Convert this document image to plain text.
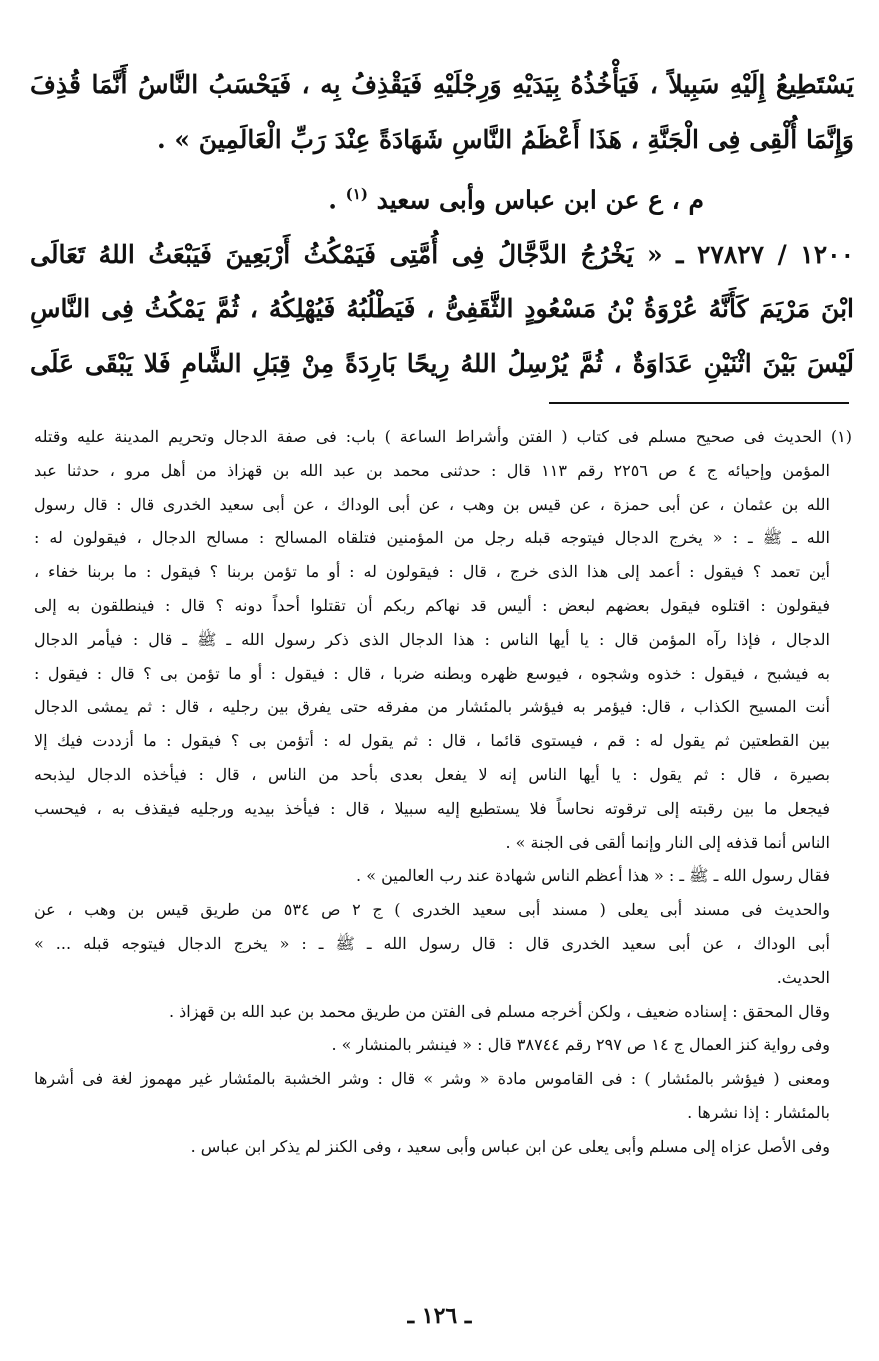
يَسْتَطِيعُ إِلَيْهِ سَبِيلاً ، فَيَأْخُذُهُ بِيَدَيْهِ وَرِجْلَيْهِ فَيَقْذِفُ بِه ، فَيَحْسَبُ النَّاسُ أَنَّمَا قُذِفَ
وَإِنَّمَا أُلْقِى فِى الْجَنَّةِ ، هَذَا أَعْظَمُ النَّاسِ شَهَادَةً عِنْدَ رَبِّ الْعَالَمِينَ » .
م ، ع عن ابن عباس وأبى سعيد $^{(١)}$ .
١٢٠٠ / ٢٧٨٢٧ ـ « يَخْرُجُ الدَّجَّالُ فِى أُمَّتِى فَيَمْكُثُ أَرْبَعِينَ فَيَبْعَثُ اللهُ تَعَالَى
ابْنَ مَرْيَمَ كَأَنَّهُ عُرْوَةُ بْنُ مَسْعُودٍ الثَّقَفِىُّ ، فَيَطْلُبُهُ فَيُهْلِكُهُ ، ثُمَّ يَمْكُثُ فِى النَّاسِ
لَيْسَ بَيْنَ اثْنَيْنِ عَدَاوَةٌ ، ثُمَّ يُرْسِلُ اللهُ رِيحًا بَارِدَةً مِنْ قِبَلِ الشَّامِ فَلا يَبْقَى عَلَى
(١) الحديث فى صحيح مسلم فى كتاب ( الفتن وأشراط الساعة ) باب: فى صفة الدجال وتحريم المدينة عليه وقتله
المؤمن وإحيائه ج ٤ ص ٢٢٥٦ رقم ١١٣ قال : حدثنى محمد بن عبد الله بن قهزاذ من أهل مرو ، حدثنا عبد
الله بن عثمان ، عن أبى حمزة ، عن قيس بن وهب ، عن أبى الوداك ، عن أبى سعيد الخدرى قال : قال رسول
الله ـ ﷺ ـ : « يخرج الدجال فيتوجه قبله رجل من المؤمنين فتلقاه المسالح : مسالح الدجال ، فيقولون له :
أين تعمد ؟ فيقول : أعمد إلى هذا الذى خرج ، قال : فيقولون له : أو ما تؤمن بربنا ؟ فيقول : ما بربنا خفاء ،
فيقولون : اقتلوه فيقول بعضهم لبعض : أليس قد نهاكم ربكم أن تقتلوا أحداً دونه ؟ قال : فينطلقون به إلى
الدجال ، فإذا رآه المؤمن قال : يا أيها الناس : هذا الدجال الذى ذكر رسول الله ـ ﷺ ـ قال : فيأمر الدجال
به فيشبح ، فيقول : خذوه وشجوه ، فيوسع ظهره وبطنه ضربا ، قال : فيقول : أو ما تؤمن بى ؟ قال : فيقول :
أنت المسيح الكذاب ، قال: فيؤمر به فيؤشر بالمئشار من مفرقه حتى يفرق بين رجليه ، قال : ثم يمشى الدجال
بين القطعتين ثم يقول له : قم ، فيستوى قائما ، قال : ثم يقول له : أتؤمن بى ؟ فيقول : ما أزددت فيك إلا
بصيرة ، قال : ثم يقول : يا أيها الناس إنه لا يفعل بعدى بأحد من الناس ، قال : فيأخذه الدجال ليذبحه
فيجعل ما بين رقبته إلى ترقوته نحاساً فلا يستطيع إليه سبيلا ، قال : فيأخذ بيديه ورجليه فيقذف به ، فيحسب
الناس أنما قذفه إلى النار وإنما ألقى فى الجنة » .
فقال رسول الله ـ ﷺ ـ : « هذا أعظم الناس شهادة عند رب العالمين » .
والحديث فى مسند أبى يعلى ( مسند أبى سعيد الخدرى ) ج ٢ ص ٥٣٤ من طريق قيس بن وهب ، عن
أبى الوداك ، عن أبى سعيد الخدرى قال : قال رسول الله ـ ﷺ ـ : « يخرج الدجال فيتوجه قبله ... »
الحديث.
وقال المحقق : إسناده ضعيف ، ولكن أخرجه مسلم فى الفتن من طريق محمد بن عبد الله بن قهزاذ .
وفى رواية كنز العمال ج ١٤ ص ٢٩٧ رقم ٣٨٧٤٤ قال : « فينشر بالمنشار » .
ومعنى ( فيؤشر بالمئشار ) : فى القاموس مادة « وشر » قال : وشر الخشبة بالمئشار غير مهموز لغة فى أشرها
بالمئشار : إذا نشرها .
وفى الأصل عزاه إلى مسلم وأبى يعلى عن ابن عباس وأبى سعيد ، وفى الكنز لم يذكر ابن عباس .
ـ ١٢٦ ـ
